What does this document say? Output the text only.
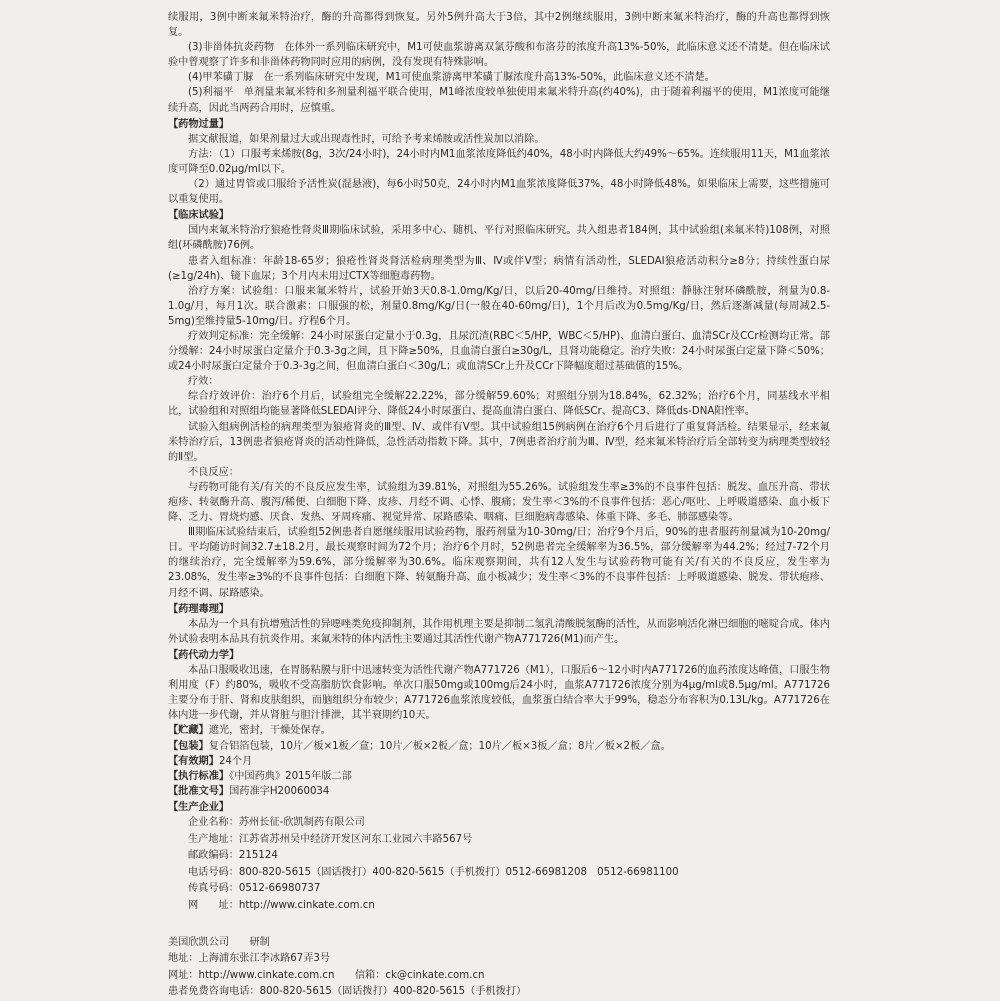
续服用，3例中断来氟米特治疗，酶的升高都得到恢复。另外5例升高大于3倍，其中2例继续服用，3例中断来氟米特治疗，酶的升高也都得到恢复。

(3)非甾体抗炎药物　在体外一系列临床研究中，M1可使血浆游离双氯芬酸和布洛芬的浓度升高13%-50%，此临床意义还不清楚。但在临床试验中曾观察了许多和非甾体药物同时应用的病例，没有发现有特殊影响。

(4)甲苯磺丁脲　在一系列临床研究中发现，M1可使血浆游离甲苯磺丁脲浓度升高13%-50%，此临床意义还不清楚。

(5)利福平　单剂量来氟米特和多剂量利福平联合使用，M1峰浓度较单独使用来氟米特升高(约40%)，由于随着利福平的使用，M1浓度可能继续升高，因此当两药合用时，应慎重。

【药物过量】

据文献报道，如果剂量过大或出现毒性时，可给予考来烯胺或活性炭加以消除。

方法：（1）口服考来烯胺(8g，3次/24小时)，24小时内M1血浆浓度降低约40%，48小时内降低大约49%～65%。连续服用11天，M1血浆浓度可降至0.02μg/ml以下。

（2）通过胃管或口服给予活性炭(混悬液)，每6小时50克，24小时内M1血浆浓度降低37%，48小时降低48%。如果临床上需要，这些措施可以重复使用。

【临床试验】

国内来氟米特治疗狼疮性肾炎Ⅲ期临床试验，采用多中心、随机、平行对照临床研究。共入组患者184例，其中试验组(来氟米特)108例，对照组(环磷酰胺)76例。

患者入组标准：年龄18-65岁；狼疮性肾炎肾活检病理类型为Ⅲ、Ⅳ或伴Ⅴ型；病情有活动性，SLEDAI狼疮活动积分≥8分；持续性蛋白尿(≥1g/24h)、镜下血尿；3个月内未用过CTX等细胞毒药物。

治疗方案：试验组：口服来氟米特片，试验开始3天0.8-1.0mg/Kg/日，以后20-40mg/日维持。对照组：静脉注射环磷酰胺，剂量为0.8-1.0g/月，每月1次。联合激素：口服强的松，剂量0.8mg/Kg/日(一般在40-60mg/日)，1个月后改为0.5mg/Kg/日，然后逐渐减量(每周减2.5-5mg)至维持量5-10mg/日。疗程6个月。

疗效判定标准：完全缓解：24小时尿蛋白定量小于0.3g，且尿沉渣(RBC＜5/HP，WBC＜5/HP)、血清白蛋白、血清SCr及CCr检测均正常。部分缓解：24小时尿蛋白定量介于0.3-3g之间，且下降≥50%，且血清白蛋白≥30g/L，且肾功能稳定。治疗失败：24小时尿蛋白定量下降＜50%；或24小时尿蛋白定量介于0.3-3g之间，但血清白蛋白＜30g/L；或血清SCr上升及CCr下降幅度超过基础值的15%。

疗效：

综合疗效评价：治疗6个月后，试验组完全缓解22.22%，部分缓解59.60%；对照组分别为18.84%，62.32%；治疗6个月，同基线水平相比，试验组和对照组均能显著降低SLEDAI评分、降低24小时尿蛋白、提高血清白蛋白、降低SCr、提高C3、降低ds-DNA阳性率。

试验入组病例活检的病理类型为狼疮肾炎的Ⅲ型、Ⅳ、或伴有Ⅴ型。其中试验组15例病例在治疗6个月后进行了重复肾活检。结果显示，经来氟米特治疗后，13例患者狼疮肾炎的活动性降低，急性活动指数下降。其中，7例患者治疗前为Ⅲ、Ⅳ型，经来氟米特治疗后全部转变为病理类型较轻的Ⅱ型。

不良反应：

与药物可能有关/有关的不良反应发生率，试验组为39.81%，对照组为55.26%。试验组发生率≥3%的不良事件包括：脱发、血压升高、带状疱疹、转氨酶升高、腹泻/稀便、白细胞下降、皮疹、月经不调、心悸、腹痛；发生率＜3%的不良事件包括：恶心/呕吐、上呼吸道感染、血小板下降、乏力、胃烧灼感、厌食、发热、牙周疼痛、视觉异常、尿路感染、咽痛、巨细胞病毒感染、体重下降、多毛、肺部感染等。

Ⅲ期临床试验结束后，试验组52例患者自愿继续服用试验药物，服药剂量为10-30mg/日；治疗9个月后，90%的患者服药剂量减为10-20mg/日。平均随访时间32.7±18.2月，最长观察时间为72个月；治疗6个月时，52例患者完全缓解率为36.5%，部分缓解率为44.2%；经过7-72个月的继续治疗，完全缓解率为59.6%，部分缓解率为30.6%。临床观察期间，共有12人发生与试验药物可能有关/有关的不良反应，发生率为23.08%，发生率≥3%的不良事件包括：白细胞下降、转氨酶升高、血小板减少；发生率＜3%的不良事件包括：上呼吸道感染、脱发、带状疱疹、月经不调、尿路感染。

【药理毒理】

本品为一个具有抗增殖活性的异噁唑类免疫抑制剂，其作用机理主要是抑制二氢乳清酸脱氢酶的活性，从而影响活化淋巴细胞的嘧啶合成。体内外试验表明本品具有抗炎作用。来氟米特的体内活性主要通过其活性代谢产物A771726(M1)而产生。

【药代动力学】

本品口服吸收迅速，在胃肠粘膜与肝中迅速转变为活性代谢产物A771726（M1），口服后6～12小时内A771726的血药浓度达峰值，口服生物利用度（F）约80%，吸收不受高脂肪饮食影响。单次口服50mg或100mg后24小时，血浆A771726浓度分别为4μg/ml或8.5μg/ml。A771726主要分布于肝、肾和皮肤组织，而脑组织分布较少；A771726血浆浓度较低，血浆蛋白结合率大于99%，稳态分布容积为0.13L/kg。A771726在体内进一步代谢，并从肾脏与胆汁排泄，其半衰期约10天。

【贮藏】遮光，密封，干燥处保存。
【包装】复合铝箔包装，10片／板×1板／盒；10片／板×2板／盒；10片／板×3板／盒；8片／板×2板／盒。
【有效期】24个月
【执行标准】《中国药典》2015年版二部
【批准文号】国药准字H20060034
【生产企业】

企业名称：苏州长征-欣凯制药有限公司

生产地址：江苏省苏州吴中经济开发区河东工业园六丰路567号

邮政编码：215124

电话号码：800-820-5615（固话拨打）400-820-5615（手机拨打）0512-66981208　0512-66981100

传真号码：0512-66980737

网　　址：http://www.cinkate.com.cn

美国欣凯公司　　研制

地址：上海浦东张江李冰路67弄3号

网址：http://www.cinkate.com.cn　　信箱：ck@cinkate.com.cn

患者免费咨询电话：800-820-5615（固话拨打）400-820-5615（手机拨打）
